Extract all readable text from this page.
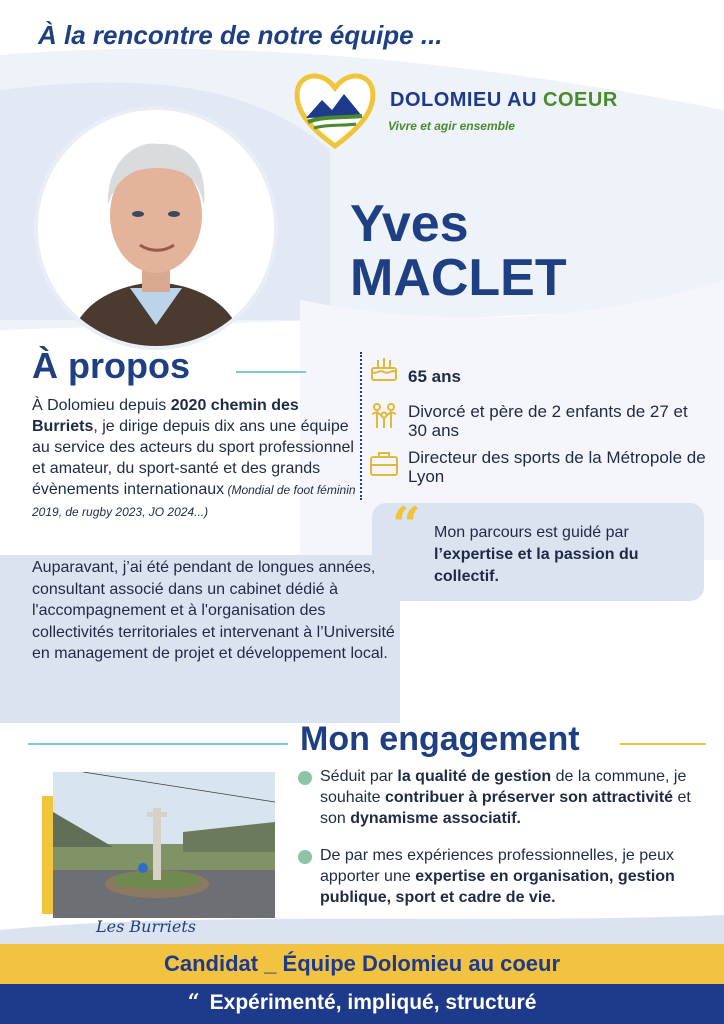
À la rencontre de notre équipe ...
DOLOMIEU AU COEUR
Vivre et agir ensemble
Yves
MACLET
À propos
À Dolomieu depuis 2020 chemin des Burriets, je dirige depuis dix ans une équipe au service des acteurs du sport professionnel et amateur, du sport-santé et des grands évènements internationaux (Mondial de foot féminin 2019, de rugby 2023, JO 2024...)
65 ans
Divorcé et père de 2 enfants de 27 et 30 ans
Directeur des sports de la Métropole de Lyon
“ Mon parcours est guidé par l’expertise et la passion du collectif.
Auparavant, j’ai été pendant de longues années, consultant associé dans un cabinet dédié à l'accompagnement et à l'organisation des collectivités territoriales et intervenant à l’Université en management de projet et développement local.
Mon engagement
Séduit par la qualité de gestion de la commune, je souhaite contribuer à préserver son attractivité et son dynamisme associatif.
De par mes expériences professionnelles, je peux apporter une expertise en organisation, gestion publique, sport et cadre de vie.
Les Burriets
Candidat _ Équipe Dolomieu au coeur
“ Expérimenté, impliqué, structuré
